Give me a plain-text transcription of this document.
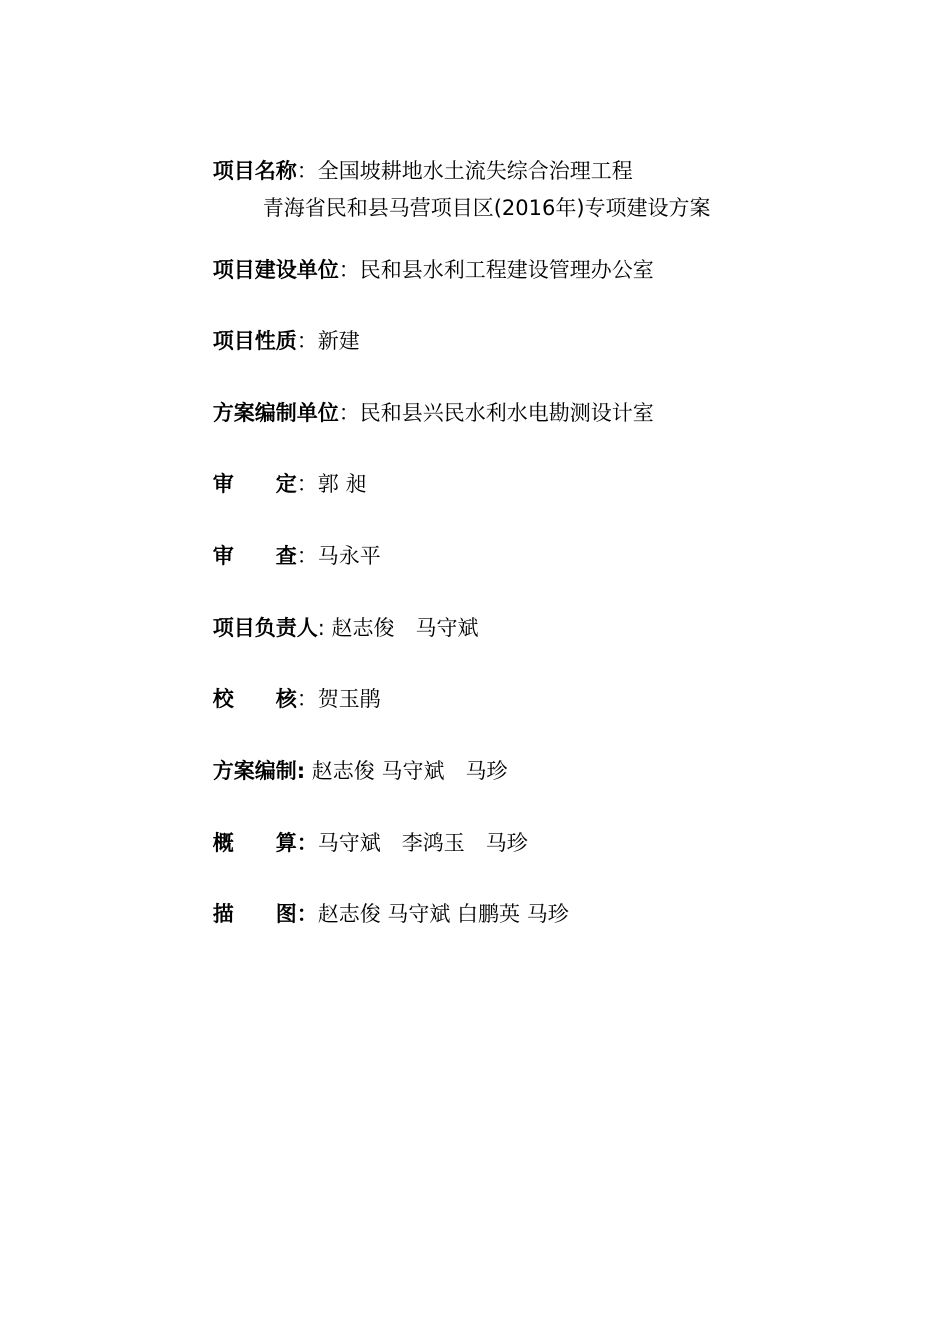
项目名称：全国坡耕地水土流失综合治理工程

青海省民和县马营项目区(2016年)专项建设方案

项目建设单位：民和县水利工程建设管理办公室

项目性质：新建

方案编制单位：民和县兴民水利水电勘测设计室

审　　定：郭 昶

审　　查：马永平

项目负责人: 赵志俊　马守斌

校　　核：贺玉鹃

方案编制: 赵志俊 马守斌　马珍

概　　算：马守斌　李鸿玉　马珍

描　　图：赵志俊 马守斌 白鹏英 马珍
